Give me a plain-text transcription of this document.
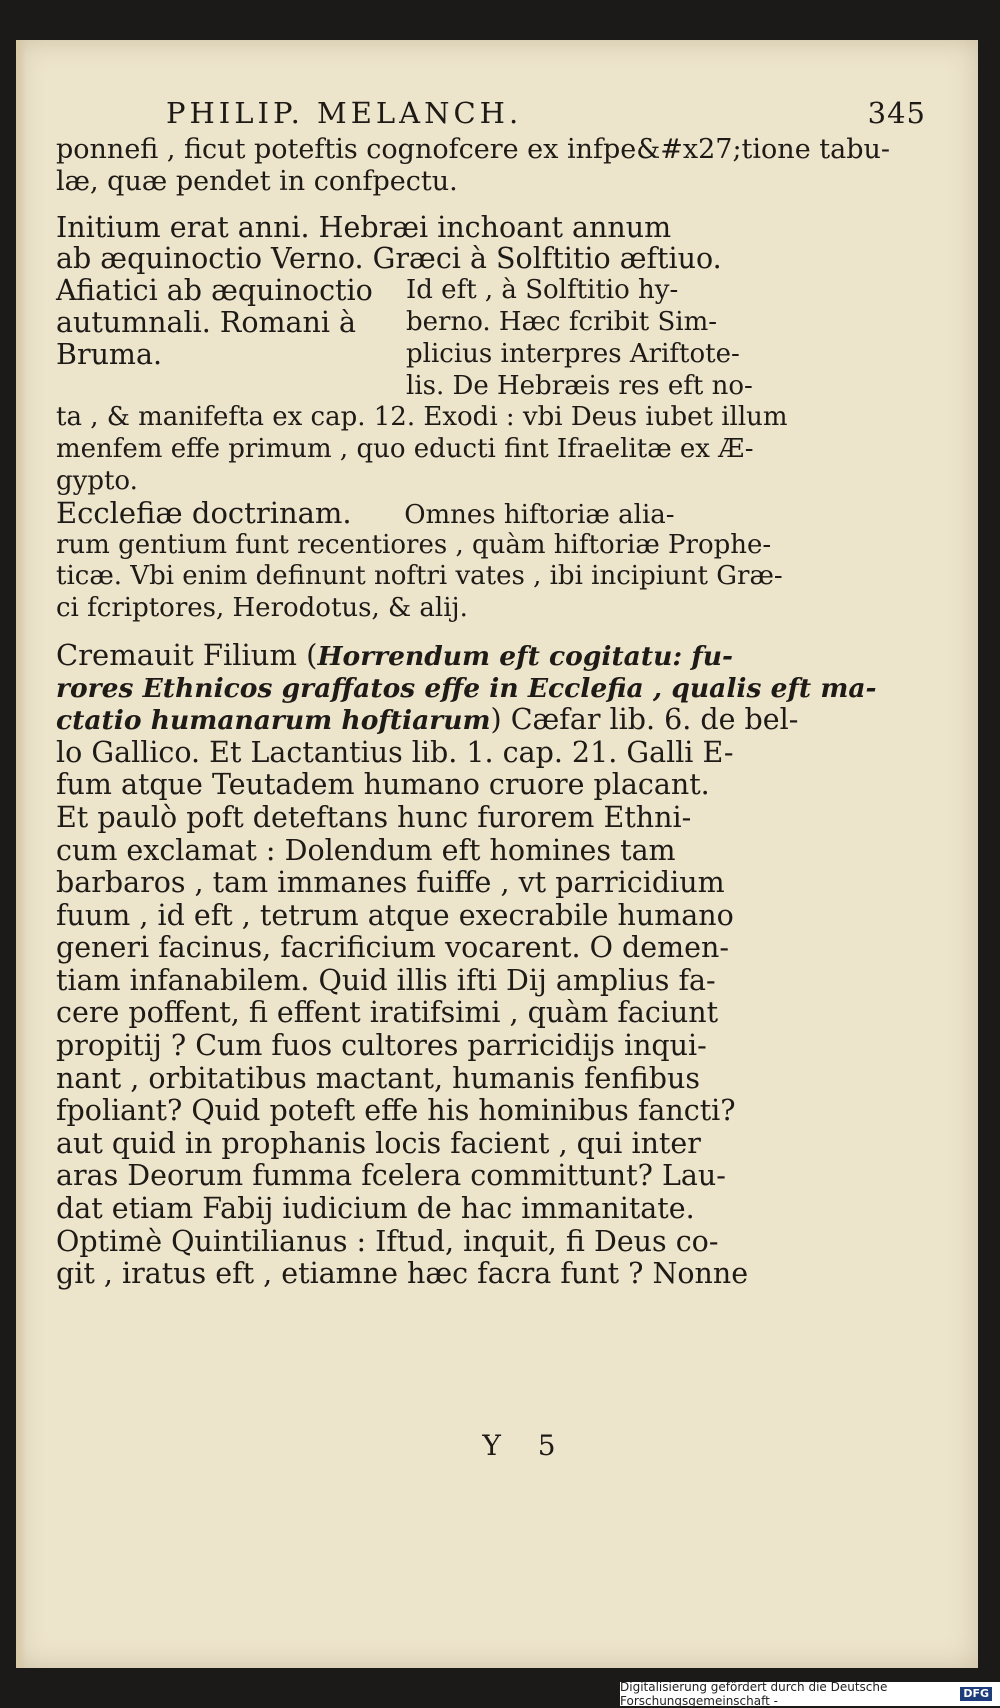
PHILIP. MELANCH.	345
ponnefi , ficut poteftis cognofcere ex infpe&#x27;tione tabu-
læ, quæ pendet in confpectu.
Initium erat anni. Hebræi inchoant annum
ab æquinoctio Verno. Græci à Solftitio æftiuo.
Afiatici ab æquinoctio
autumnali. Romani à
Bruma.
Id eft , à Solftitio hy-
berno. Hæc fcribit Sim-
plicius interpres Ariftote-
lis. De Hebræis res eft no-
ta , & manifefta ex cap. 12. Exodi : vbi Deus iubet illum
menfem effe primum , quo educti fint Ifraelitæ ex Æ-
gypto.
Ecclefiæ doctrinam. Omnes hiftoriæ alia-
rum gentium funt recentiores , quàm hiftoriæ Prophe-
ticæ. Vbi enim definunt noftri vates , ibi incipiunt Græ-
ci fcriptores, Herodotus, & alij.
Cremauit Filium (Horrendum eft cogitatu: fu-
rores Ethnicos graffatos effe in Ecclefia , qualis eft ma-
ctatio humanarum hoftiarum) Cæfar lib. 6. de bel-
lo Gallico. Et Lactantius lib. 1. cap. 21. Galli E-
fum atque Teutadem humano cruore placant.
Et paulò poft deteftans hunc furorem Ethni-
cum exclamat : Dolendum eft homines tam
barbaros , tam immanes fuiffe , vt parricidium
fuum , id eft , tetrum atque execrabile humano
generi facinus, facrificium vocarent. O demen-
tiam infanabilem. Quid illis ifti Dij amplius fa-
cere poffent, fi effent iratifsimi , quàm faciunt
propitij ? Cum fuos cultores parricidijs inqui-
nant , orbitatibus mactant, humanis fenfibus
fpoliant? Quid poteft effe his hominibus fancti?
aut quid in prophanis locis facient , qui inter
aras Deorum fumma fcelera committunt? Lau-
dat etiam Fabij iudicium de hac immanitate.
Optimè Quintilianus : Iftud, inquit, fi Deus co-
git , iratus eft , etiamne hæc facra funt ? Nonne
Y 5
Digitalisierung gefördert durch die Deutsche Forschungsgemeinschaft -
DFG
